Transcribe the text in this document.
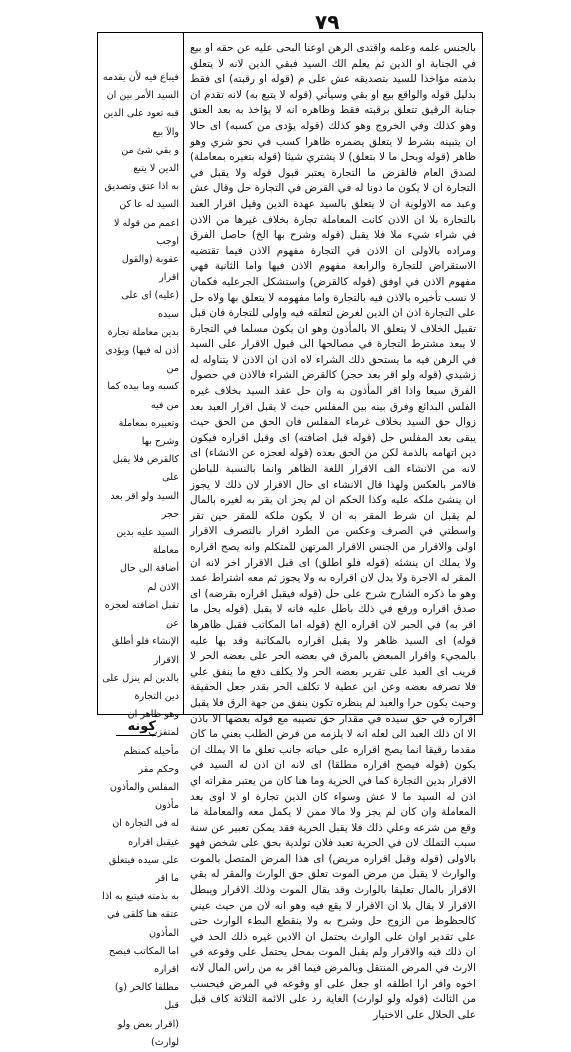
٧٩
فيباع فيه لأن يقدمه
السيد الأمر بين ان
قبه تعود على الدين والآ بيع
و بقي شئ من الدين لا يتبع
به اذا عتق وتصديق السيد له عا كن
اعمم من قوله لا اوجب
عقوبة (والقول اقرار
(عليه) اى على سيده
بدين معاملة تجارة
أذن له فيها) ويؤدى من
كسبه وما بيده كما من فيه
وتعبيره بمعاملة وشرح بها
كالقرض فلا يقبل على
السيد ولو اقر بعد حجر
السيد عليه بدين معاملة
أضافة الى حال الاذن لم
تقبل اضافته لعجزه عن
الإنشاء فلو أطلق الاقرار
بالدين لم ينزل على دين التجارة
وهو ظاهر ان لمتفزب
مأخيله كمنظم وحكم مقر
المفلس والمأذون مأذون
له في التجارة ان غيقبل اقراره
على سيده فيتعلق ما اقر
به بذمته فيتبع به اذا
عتقه هنا كلقى في المأذون
اما المكاتب فيصح اقراره
مطلقا كالحر (و) قبل
(اقرار بعض ولو لوارث)

بالجنس علمه وعلمه واقتدى الرهن اوعنا البحى عليه عن حقه او بيع في الجنابة او الدين ثم يعلم الك السيد فبقي الدين لانه لا يتعلق بذمته مؤاخذا للسيد بتصديقه عش على م (قوله او رقبته) اى فقط بدليل قوله والواقع بيع او بقي وسيأتي (قوله لا يتبع به) لانه تقدم ان جنابة الرقيق تتعلق برقبته فقط وظاهره انه لا يؤاخذ به بعد العتق وهو كذلك وفي الخروج وهو كذلك (قوله يؤدى من كسبه) اى حالا ان يتبينه بشرط لا يتعلق يضمره ظاهرا كسب في نحو شري وهو ظاهر (قوله وبحل ما لا بتعلق) لا يشتري شيئا (قوله بتغيره بمعاملة) لصدق العام فالقرض ما التجارة يعتبر قبول قوله ولا يقبل في التجارة ان لا يكون ما دونا له في القرض في التجارة حل وقال عش وعبد مه الاولوية ان لا يتعلق بالسيد عهدة الدين وقيل اقرار العبد بالتجارة بلا ان الاذن كانت المعاملة تجارة بخلاف غيرها من الاذن في شراء شيء ملا فلا يقبل (قوله وشرح بها الخ) حاصل الفرق ومراده بالاولى ان الاذن في التجارة مفهوم الاذن فيما تقتضيه الاستقراض للتجارة والرابعة مفهوم الاذن فيها واما الثانية فهي مفهوم الاذن في اوفق (قوله كالقرض) واستشكل الجرعليه فكمان لا نسب تأخيره بالاذن فيه بالتجارة واما مفهومه لا يتعلق بها ولاه حل على التجارة اذن ان الدين لغرض لتعلقه فيه واولى للتجارة فان قبل تقبيل الخلاف لا يتعلق الا بالمأذون وهو ان يكون مسلما في التجارة لا يبعد مشترط التجارة في مصالحها الى قبول الاقرار على السيد في الرهن فيه ما يستحق ذلك الشراء لاه اذن ان الاذن لا يتناوله له زشيدي (قوله ولو اقر بعد حجر) كالقرض الشراء فالاذن في حصول الفرق سيعا واذا اقر المأذون به وان حل عقد السيد بخلاف غيره الفلس البدائع وفرق بينه بين المفلس حيث لا يقبل اقرار العبد بعد زوال حق السيد بخلاف غرماء المفلس فان الحق من الحق حيث يبقى بعد المفلس حل (قوله قبل اضافته) اى وقبل اقراره فيكون دين اتهامه بالذمة لكن من الحق بعده (قوله لعجزه عن الانشاء) اى لانه من الانشاء الف الاقرار اللغة الظاهر وانما بالنسبة للباطن فالامر بالعكس ولهذا قال الانشاء اى حال الاقرار لان ذلك لا يجوز ان ينشئ ملكه عليه وكذا الحكم ان لم يجز ان يقر به لغيره بالمال لم يقبل ان شرط المقر به ان لا يكون ملكه للمقر حين تقر واسطتي في الصرف وعكس من الطرد اقرار بالتصرف الاقرار اولى والاقرار من الجنس الاقرار المرتهن للمتكلم وانه يصح اقراره ولا يملك ان ينشئه (قوله فلو اطلق) اى قبل الاقرار اخر لانه ان المقر له الاجرة ولا يدل لان اقراره به ولا يجوز ثم معه اشتراط عمد وهو ما ذكره الشارح شرح على حل (قوله فيقبل اقراره بقرضه) اى صدق اقراره ورفع في ذلك باطل عليه فانه لا يقبل (قوله بحل ما اقر به) في الجبر لان اقراره الخ (قوله اما المكاتب فقبل ظاهرها قوله) اى السيد ظاهر ولا يقبل اقراره بالمكاتبة وقد بها عليه بالمجيء واقرار المبعض بالمرق في بعضه الحر على بعضه الحر لا قريب اى العبد على تقرير بعضه الحر ولا يكلف دفع ما ينفق علي فلا تصرفه بعضه وعن ابن عطية لا تكلف الحر بقدر جعل الحقيقة وحيث يكون حرا والعبد لم ينظره تكون ينفق من جهة الرق فلا يقبل اقراره في حق سيده في مقدار حق نصيبه مع قوله بعضها الا باذن الا ان ذلك العبد الى لعله انه لا يلزمه من فرض الطلب يعني ما كان مقدما رقيقا انما يصح اقراره على حياته جانب تعلق ما الا يملك ان يكون (قوله فيصح اقراره مطلقا) اى لانه ان اذن له السيد في الاقرار بدين التجارة كما في الحرية وما هنا كان من يعتبر مقراته اي اذن له السيد ما لا عش وسواء كان الدين تجارة او لا اوى بعد المعاملة وان كان لم يجز ولا مالا ممن لا يكمل معه والمعاملة ما وقع من شرعه وعلي ذلك فلا يقبل الحرية فقد يمكن تعبير عن سنة سبب التملك لان في الحرية تعبد فلان تولدية بحق على شخص فهو بالاولى (قوله وقبل اقراره مريض) اى هذا المرض المتصل بالموت والوارث لا يقبل من مرض الموت تعلق حق الوارث والمقر له بقي الاقرار بالمال تعليقا بالوارث وقد يقال الموت وذلك الاقرار ويبطل الاقرار لا يقال بلا ان الاقرار لا يقع فيه وهو انه لان من حيث عيني كالحظوظ من الزوج حل وشرح به ولا ينقطع البطء الوارث حتى على تقدير اوان على الوارث يحتمل ان الادين غيره ذلك الحد في ان ذلك فيه والاقرار ولم يقبل الموت بمحل يحتمل على وقوعه في الارث في المرض المنتقل وبالمرض فيما اقر به من راس المال لانه اخوه وافر ارا اطلقه او جعل على او وقوعه في المرض فيحسب من الثالث (قوله ولو لوارث) الغاية رد على الائمة الثلاثة كاف قبل على الحلال على الاختيار

كونه
